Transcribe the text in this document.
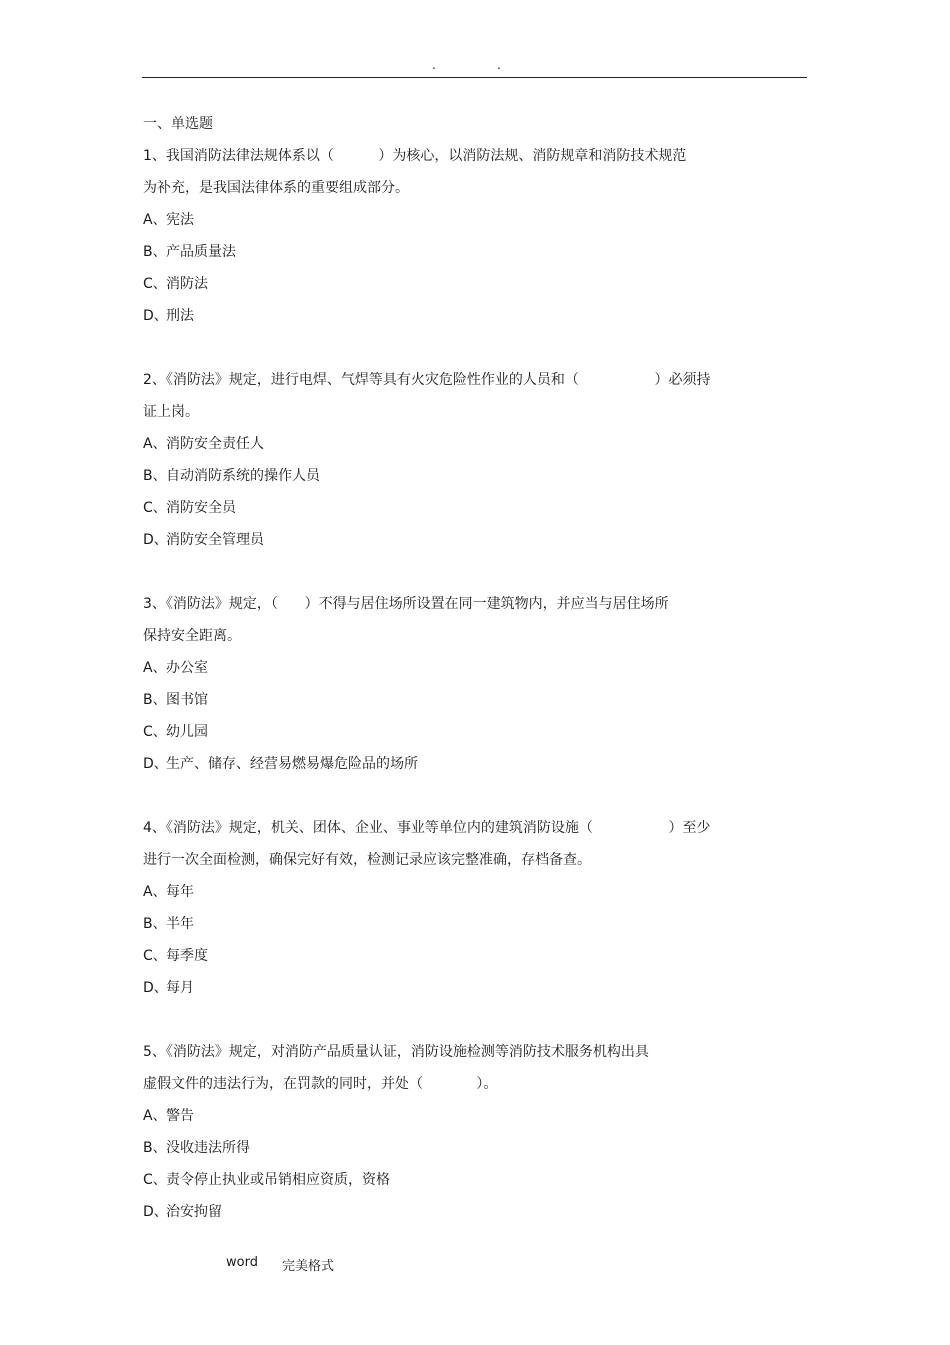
.	.
一、单选题
1、我国消防法律法规体系以（          ）为核心，以消防法规、消防规章和消防技术规范
为补充，是我国法律体系的重要组成部分。
A、宪法
B、产品质量法
C、消防法
D、刑法
2、《消防法》规定，进行电焊、气焊等具有火灾危险性作业的人员和（                 ）必须持
证上岗。
A、消防安全责任人
B、自动消防系统的操作人员
C、消防安全员
D、消防安全管理员
3、《消防法》规定，（      ）不得与居住场所设置在同一建筑物内，并应当与居住场所
保持安全距离。
A、办公室
B、图书馆
C、幼儿园
D、生产、储存、经营易燃易爆危险品的场所
4、《消防法》规定，机关、团体、企业、事业等单位内的建筑消防设施（                 ）至少
进行一次全面检测，确保完好有效，检测记录应该完整准确，存档备查。
A、每年
B、半年
C、每季度
D、每月
5、《消防法》规定，对消防产品质量认证，消防设施检测等消防技术服务机构出具
虚假文件的违法行为，在罚款的同时，并处（            ）。
A、警告
B、没收违法所得
C、责令停止执业或吊销相应资质，资格
D、治安拘留
word 完美格式
